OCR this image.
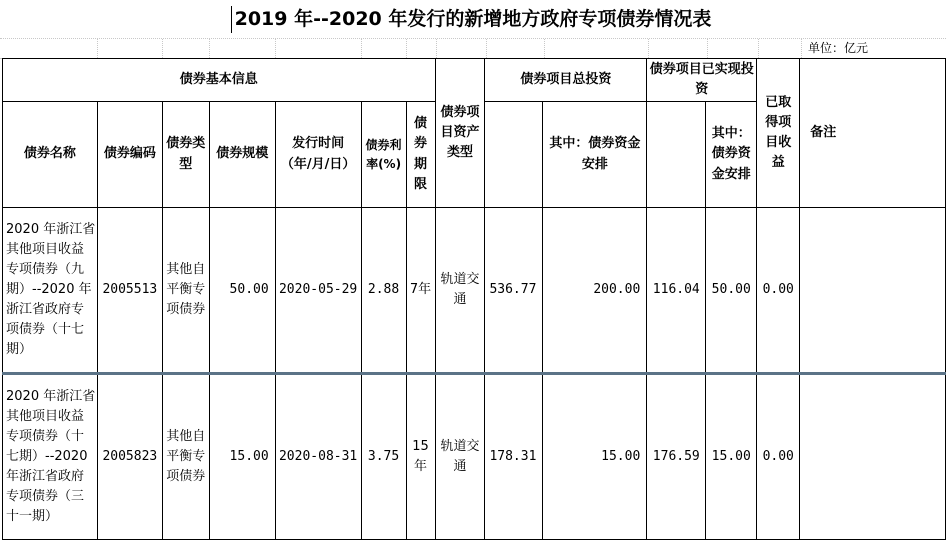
2019 年--2020 年发行的新增地方政府专项债券情况表
单位：亿元
债券基本信息							债券项目资产类型	债券项目总投资		债券项目已实现投资		已取得项目收益	备注
债券名称	债券编码	债券类型	债券规模	发行时间（年/月/日）	债券利率(%)	债券期限			其中：债券资金安排		其中：债券资金安排		
2020 年浙江省其他项目收益专项债券（九期）--2020 年浙江省政府专项债券（十七期）	2005513	其他自平衡专项债券	50.00	2020-05-29	2.88	7年	轨道交通	536.77	200.00	116.04	50.00	0.00	
2020 年浙江省其他项目收益专项债券（十七期）--2020 年浙江省政府专项债券（三十一期）	2005823	其他自平衡专项债券	15.00	2020-08-31	3.75	15年	轨道交通	178.31	15.00	176.59	15.00	0.00	
